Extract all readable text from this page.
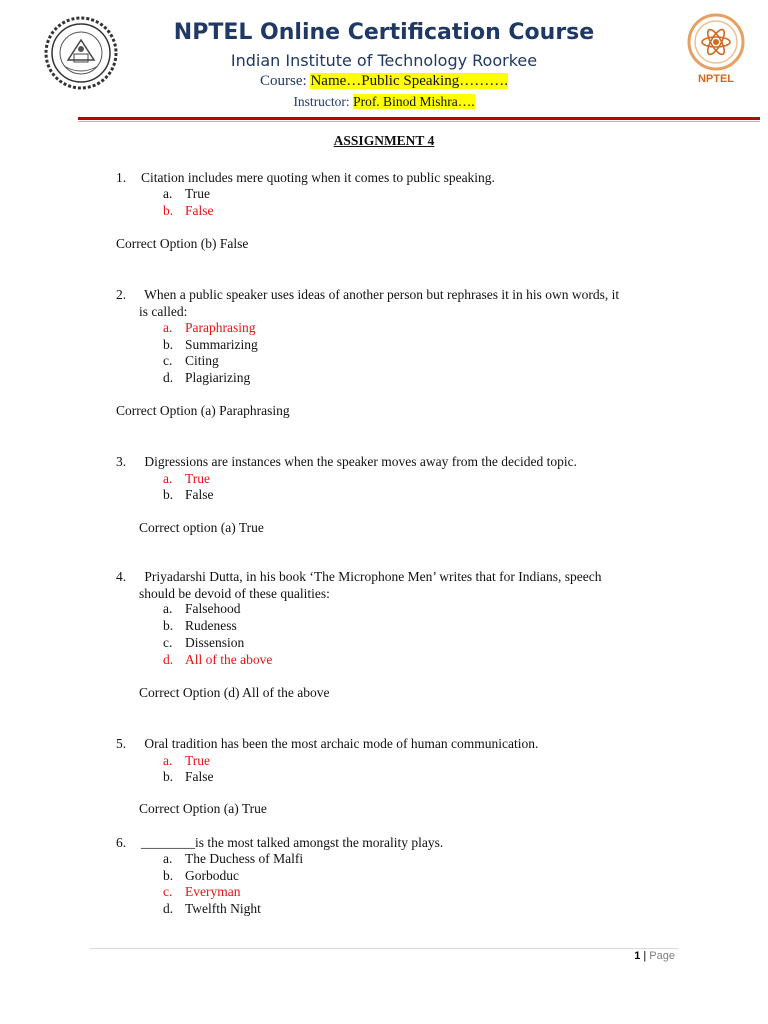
NPTEL
NPTEL Online Certification Course
Indian Institute of Technology Roorkee
Course: Name…Public Speaking……….
Instructor: Prof. Binod Mishra….
ASSIGNMENT 4
1. Citation includes mere quoting when it comes to public speaking.
a. True
b. False
Correct Option (b) False
2. When a public speaker uses ideas of another person but rephrases it in his own words, it
is called:
a. Paraphrasing
b. Summarizing
c. Citing
d. Plagiarizing
Correct Option (a) Paraphrasing
3. Digressions are instances when the speaker moves away from the decided topic.
a. True
b. False
Correct option (a) True
4. Priyadarshi Dutta, in his book ‘The Microphone Men’ writes that for Indians, speech
should be devoid of these qualities:
a. Falsehood
b. Rudeness
c. Dissension
d. All of the above
Correct Option (d) All of the above
5. Oral tradition has been the most archaic mode of human communication.
a. True
b. False
Correct Option (a) True
6. ________is the most talked amongst the morality plays.
a. The Duchess of Malfi
b. Gorboduc
c. Everyman
d. Twelfth Night
1 | Page
